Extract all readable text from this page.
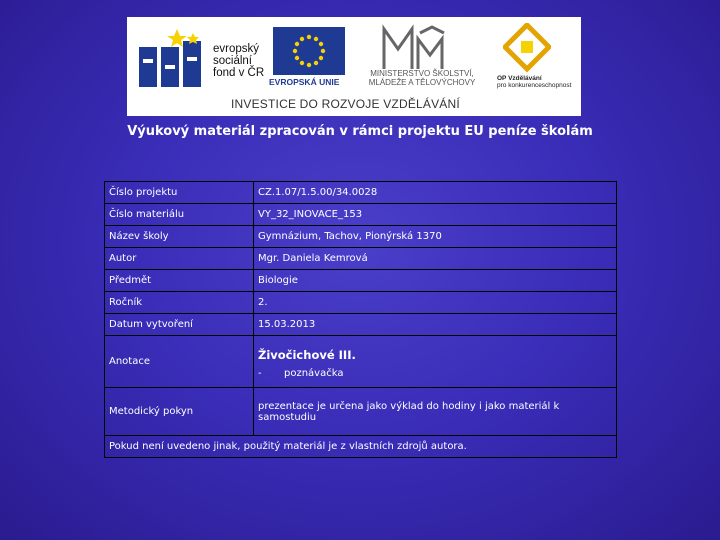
evropský
sociální
fond v ČR
EVROPSKÁ UNIE
MINISTERSTVO ŠKOLSTVÍ,
MLÁDEŽE A TĚLOVÝCHOVY	OP Vzdělávání
pro konkurenceschopnost
INVESTICE DO ROZVOJE VZDĚLÁVÁNÍ
Výukový materiál zpracován v rámci projektu EU peníze školám
Číslo projektu	CZ.1.07/1.5.00/34.0028
Číslo materiálu	VY_32_INOVACE_153
Název školy	Gymnázium, Tachov, Pionýrská 1370
Autor	Mgr. Daniela Kemrová
Předmět	Biologie
Ročník	2.
Datum vytvoření	15.03.2013
Anotace	Živočichové III.
- poznávačka

Metodický pokyn	prezentace je určena jako výklad do hodiny i jako materiál k samostudiu
Pokud není uvedeno jinak, použitý materiál je z vlastních zdrojů autora.	
